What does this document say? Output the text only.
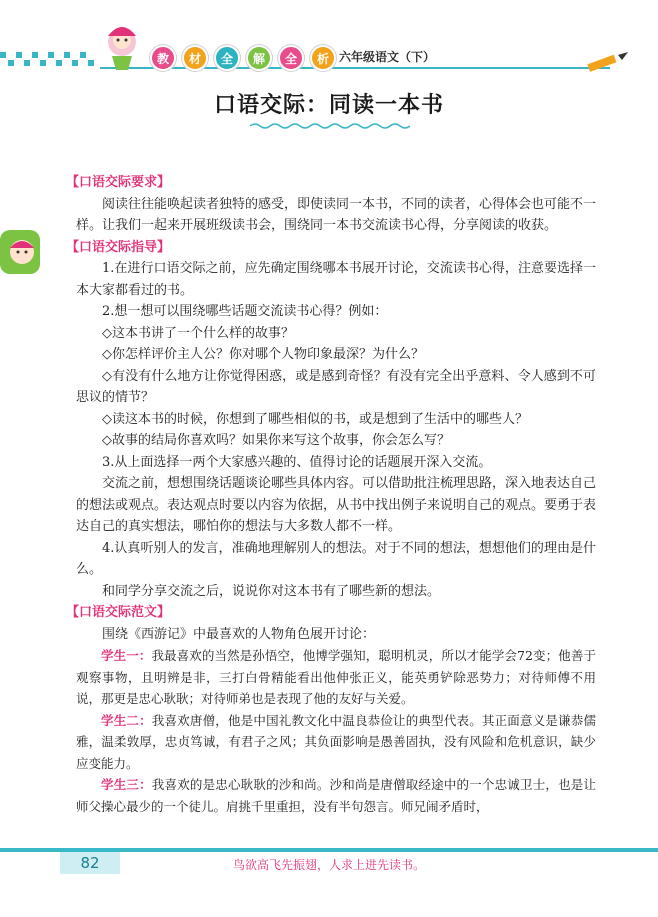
教	材	全	解	全	析 六年级语文（下）
口语交际：同读一本书
【口语交际要求】

阅读往往能唤起读者独特的感受，即使读同一本书，不同的读者，心得体会也可能不一样。让我们一起来开展班级读书会，围绕同一本书交流读书心得，分享阅读的收获。

【口语交际指导】

1.在进行口语交际之前，应先确定围绕哪本书展开讨论，交流读书心得，注意要选择一本大家都看过的书。

2.想一想可以围绕哪些话题交流读书心得？例如：

◇这本书讲了一个什么样的故事？

◇你怎样评价主人公？你对哪个人物印象最深？为什么？

◇有没有什么地方让你觉得困惑，或是感到奇怪？有没有完全出乎意料、令人感到不可思议的情节？

◇读这本书的时候，你想到了哪些相似的书，或是想到了生活中的哪些人？

◇故事的结局你喜欢吗？如果你来写这个故事，你会怎么写？

3.从上面选择一两个大家感兴趣的、值得讨论的话题展开深入交流。

交流之前，想想围绕话题谈论哪些具体内容。可以借助批注梳理思路，深入地表达自己的想法或观点。表达观点时要以内容为依据，从书中找出例子来说明自己的观点。要勇于表达自己的真实想法，哪怕你的想法与大多数人都不一样。

4.认真听别人的发言，准确地理解别人的想法。对于不同的想法，想想他们的理由是什么。

和同学分享交流之后，说说你对这本书有了哪些新的想法。

【口语交际范文】

围绕《西游记》中最喜欢的人物角色展开讨论：

学生一：我最喜欢的当然是孙悟空，他博学强知，聪明机灵，所以才能学会72变；他善于观察事物，且明辨是非，三打白骨精能看出他伸张正义，能英勇铲除恶势力；对待师傅不用说，那更是忠心耿耿；对待师弟也是表现了他的友好与关爱。

学生二：我喜欢唐僧，他是中国礼教文化中温良恭俭让的典型代表。其正面意义是谦恭儒雅，温柔敦厚，忠贞笃诚，有君子之风；其负面影响是愚善固执，没有风险和危机意识，缺少应变能力。

学生三：我喜欢的是忠心耿耿的沙和尚。沙和尚是唐僧取经途中的一个忠诚卫士，也是让师父操心最少的一个徒儿。肩挑千里重担，没有半句怨言。师兄闹矛盾时，

82	鸟欲高飞先振翅，人求上进先读书。
